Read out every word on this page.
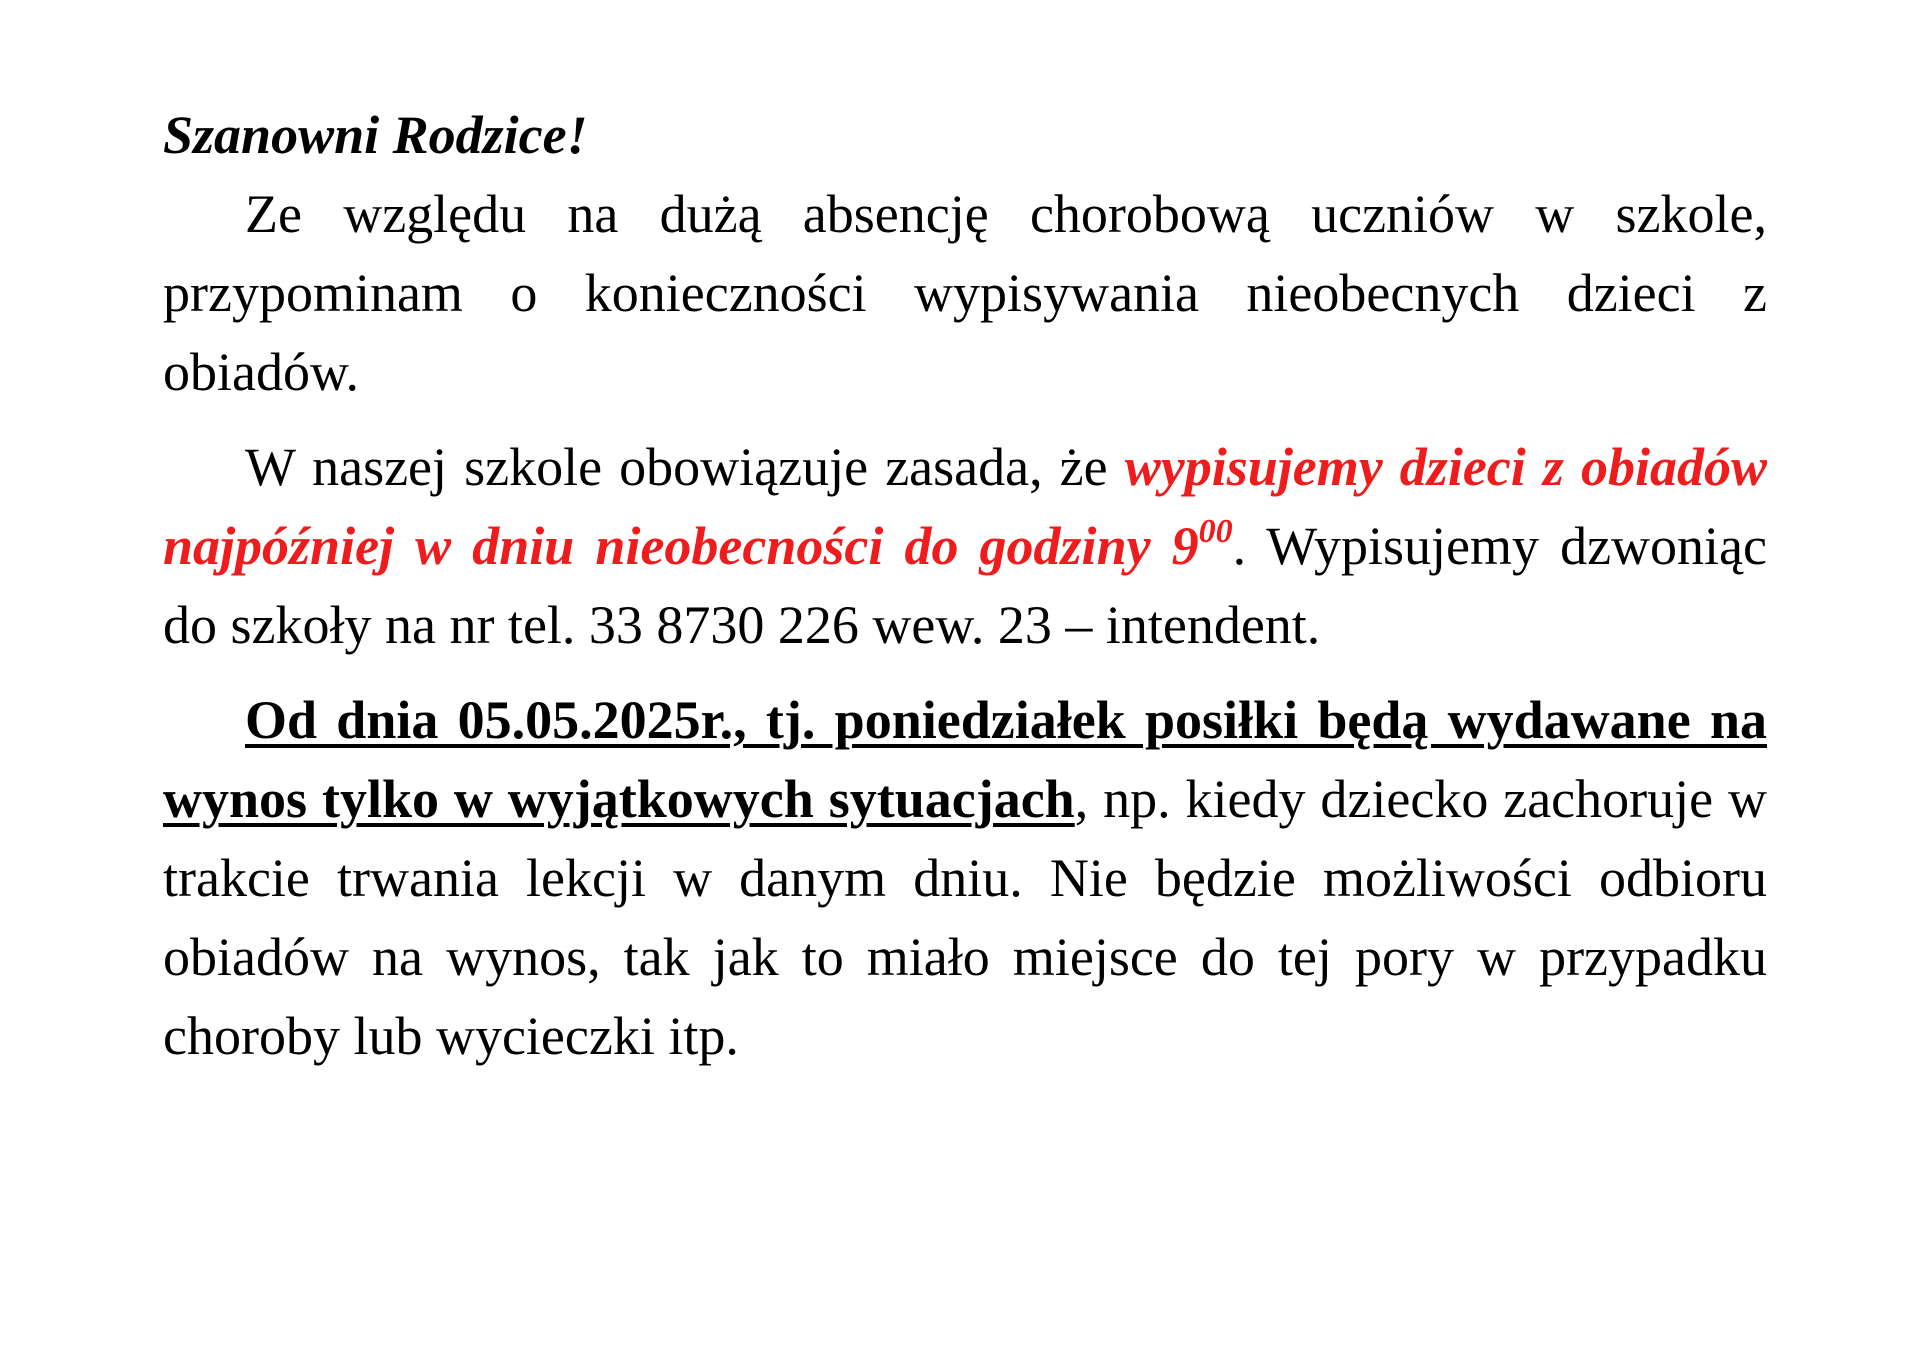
Szanowni Rodzice!

Ze względu na dużą absencję chorobową uczniów w szkole, przypominam o konieczności wypisywania nieobecnych dzieci z obiadów.

W naszej szkole obowiązuje zasada, że wypisujemy dzieci z obiadów najpóźniej w dniu nieobecności do godziny $9^{00}$. Wypisujemy dzwoniąc do szkoły na nr tel. 33 8730 226 wew. 23 – intendent.

Od dnia 05.05.2025r., tj. poniedziałek posiłki będą wydawane na wynos tylko w wyjątkowych sytuacjach, np. kiedy dziecko zachoruje w trakcie trwania lekcji w danym dniu. Nie będzie możliwości odbioru obiadów na wynos, tak jak to miało miejsce do tej pory w przypadku choroby lub wycieczki itp.
